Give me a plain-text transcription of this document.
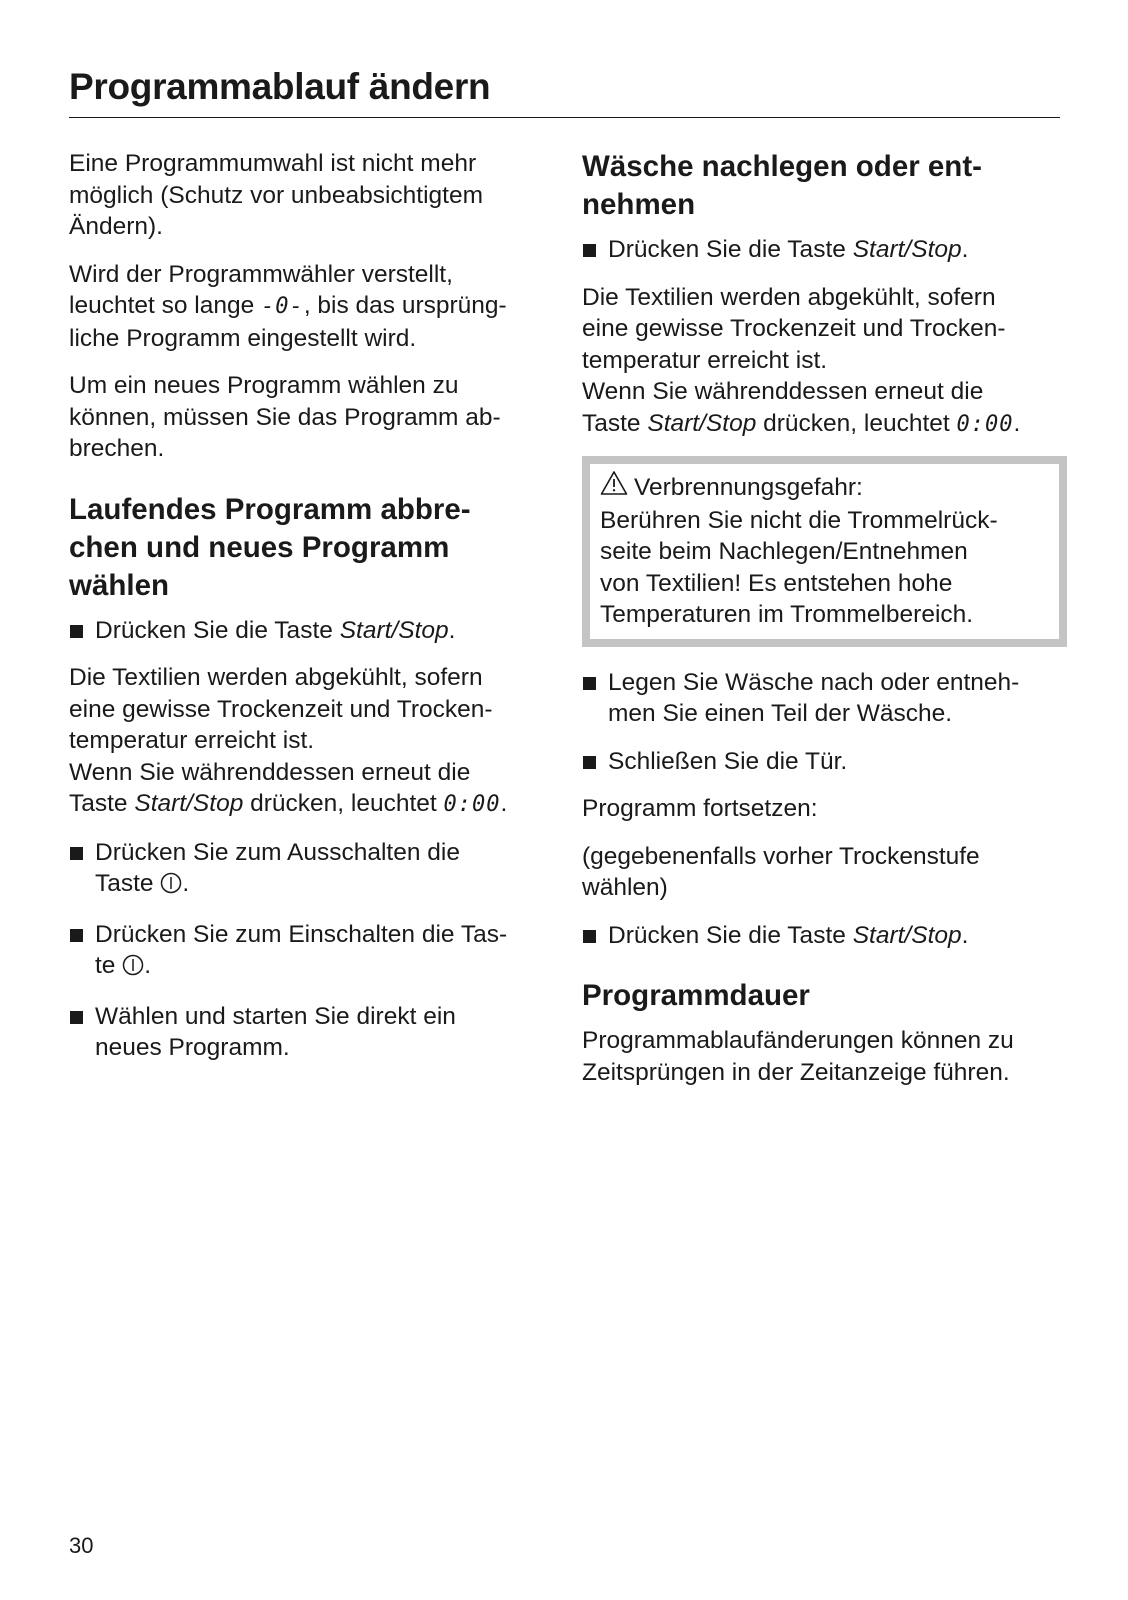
Programmablauf ändern

Eine Programmumwahl ist nicht mehr
möglich (Schutz vor unbeabsichtigtem
Ändern).

Wird der Programmwähler verstellt,
leuchtet so lange -0-, bis das ursprüng-
liche Programm eingestellt wird.

Um ein neues Programm wählen zu
können, müssen Sie das Programm ab-
brechen.

Laufendes Programm abbre-
chen und neues Programm
wählen
Drücken Sie die Taste Start/Stop.

Die Textilien werden abgekühlt, sofern
eine gewisse Trockenzeit und Trocken-
temperatur erreicht ist.
Wenn Sie währenddessen erneut die
Taste Start/Stop drücken, leuchtet 0:00.

Drücken Sie zum Ausschalten die
Taste .
Drücken Sie zum Einschalten die Tas-
te .
Wählen und starten Sie direkt ein
neues Programm.
Wäsche nachlegen oder ent-
nehmen
Drücken Sie die Taste Start/Stop.

Die Textilien werden abgekühlt, sofern
eine gewisse Trockenzeit und Trocken-
temperatur erreicht ist.
Wenn Sie währenddessen erneut die
Taste Start/Stop drücken, leuchtet 0:00.

Verbrennungsgefahr:
Berühren Sie nicht die Trommelrück-
seite beim Nachlegen/Entnehmen
von Textilien! Es entstehen hohe
Temperaturen im Trommelbereich.
Legen Sie Wäsche nach oder entneh-
men Sie einen Teil der Wäsche.
Schließen Sie die Tür.

Programm fortsetzen:

(gegebenenfalls vorher Trockenstufe
wählen)

Drücken Sie die Taste Start/Stop.
Programmdauer

Programmablaufänderungen können zu
Zeitsprüngen in der Zeitanzeige führen.

30
